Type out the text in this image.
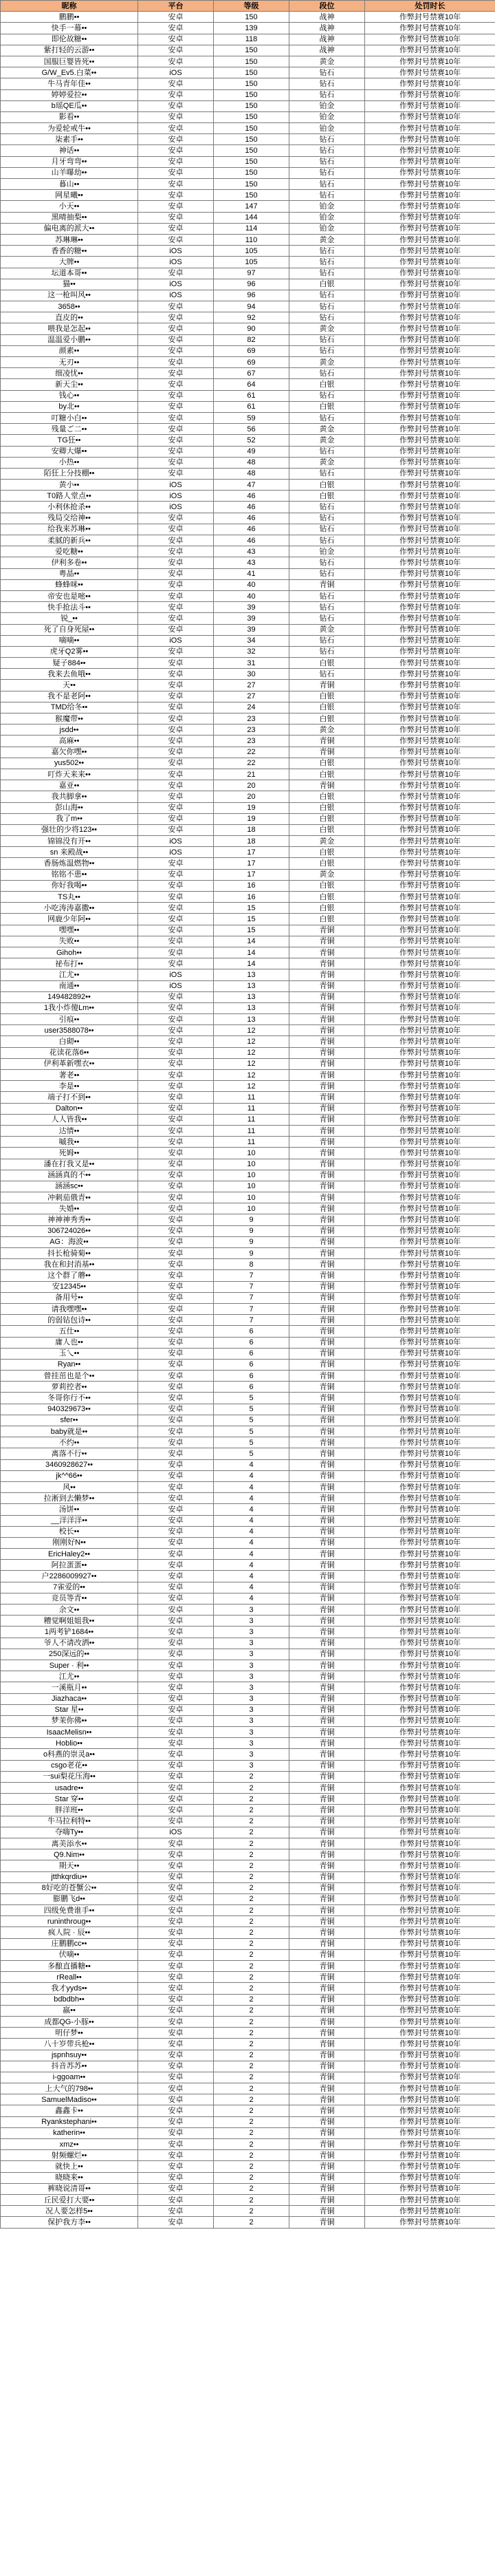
昵称	平台	等级	段位	处罚时长
鹏鹏••	安卓	150	战神	作弊封号禁赛10年
快手一幕••	安卓	139	战神	作弊封号禁赛10年
即伦故糖••	安卓	118	战神	作弊封号禁赛10年
紫打轻的云游••	安卓	150	战神	作弊封号禁赛10年
国服巨婴皆死••	安卓	150	黄金	作弊封号禁赛10年
G/W_Ev5.白菜••	iOS	150	钻石	作弊封号禁赛10年
牛马青年佳••	安卓	150	钻石	作弊封号禁赛10年
婷婷爱拉••	安卓	150	钻石	作弊封号禁赛10年
b瑶QE瓜••	安卓	150	铂金	作弊封号禁赛10年
影看••	安卓	150	铂金	作弊封号禁赛10年
为爱轮戒牛••	安卓	150	铂金	作弊封号禁赛10年
柒素手••	安卓	150	钻石	作弊封号禁赛10年
神话••	安卓	150	钻石	作弊封号禁赛10年
月牙弯弯••	安卓	150	钻石	作弊封号禁赛10年
山羊曝劫••	安卓	150	钻石	作弊封号禁赛10年
暮山••	安卓	150	钻石	作弊封号禁赛10年
网星曦••	安卓	150	钻石	作弊封号禁赛10年
小天••	安卓	147	铂金	作弊封号禁赛10年
黑晴抽梨••	安卓	144	铂金	作弊封号禁赛10年
偏电离的派大••	安卓	114	铂金	作弊封号禁赛10年
苏琳琳••	安卓	110	黄金	作弊封号禁赛10年
香香的糖••	iOS	105	钻石	作弊封号禁赛10年
大牌••	iOS	105	钻石	作弊封号禁赛10年
坛道本哥••	安卓	97	钻石	作弊封号禁赛10年
猫••	iOS	96	白银	作弊封号禁赛10年
这一枪叫风••	iOS	96	钻石	作弊封号禁赛10年
3658••	安卓	94	钻石	作弊封号禁赛10年
直皮的••	安卓	92	钻石	作弊封号禁赛10年
喂我是怎起••	安卓	90	黄金	作弊封号禁赛10年
温温爱小鹏••	安卓	82	钻石	作弊封号禁赛10年
颜素••	安卓	69	钻石	作弊封号禁赛10年
无刃••	安卓	69	黄金	作弊封号禁赛10年
细凌忧••	安卓	67	钻石	作弊封号禁赛10年
新天尘••	安卓	64	白银	作弊封号禁赛10年
钱心••	安卓	61	钻石	作弊封号禁赛10年
by北••	安卓	61	白银	作弊封号禁赛10年
叮糖小白••	安卓	59	钻石	作弊封号禁赛10年
残量ご二••	安卓	56	黄金	作弊封号禁赛10年
TG狂••	安卓	52	黄金	作弊封号禁赛10年
安卿大爆••	安卓	49	钻石	作弊封号禁赛10年
小热••	安卓	48	黄金	作弊封号禁赛10年
陌狂上分技棚••	安卓	48	钻石	作弊封号禁赛10年
黄小••	iOS	47	白银	作弊封号禁赛10年
T0路人堂点••	iOS	46	白银	作弊封号禁赛10年
小利休抢杀••	iOS	46	钻石	作弊封号禁赛10年
残局交给神••	安卓	46	钻石	作弊封号禁赛10年
给我来苏琳••	安卓	46	钻石	作弊封号禁赛10年
柔腻的新兵••	安卓	46	钻石	作弊封号禁赛10年
爱吃糖••	安卓	43	铂金	作弊封号禁赛10年
伊利多卷••	安卓	43	钻石	作弊封号禁赛10年
粤晶••	安卓	41	钻石	作弊封号禁赛10年
蜂蜂咪••	安卓	40	青铜	作弊封号禁赛10年
帝安也是嘧••	安卓	40	钻石	作弊封号禁赛10年
快手抢法斗••	安卓	39	钻石	作弊封号禁赛10年
锐_••	安卓	39	钻石	作弊封号禁赛10年
死了自身死屋••	安卓	39	黄金	作弊封号禁赛10年
嘀嘀••	iOS	34	钻石	作弊封号禁赛10年
虎牙Q2雾••	安卓	32	钻石	作弊封号禁赛10年
疑子884••	安卓	31	白银	作弊封号禁赛10年
我来去鱼哦••	安卓	30	钻石	作弊封号禁赛10年
天••	安卓	27	青铜	作弊封号禁赛10年
我不是老阿••	安卓	27	白银	作弊封号禁赛10年
TMD给冬••	安卓	24	白银	作弊封号禁赛10年
猴魔带••	安卓	23	白银	作弊封号禁赛10年
jsdd••	安卓	23	黄金	作弊封号禁赛10年
高麻••	安卓	23	青铜	作弊封号禁赛10年
嘉欠你嘿••	安卓	22	青铜	作弊封号禁赛10年
yus502••	安卓	22	白银	作弊封号禁赛10年
叮炸天来来••	安卓	21	白银	作弊封号禁赛10年
嘉亚••	安卓	20	青铜	作弊封号禁赛10年
我共脚拿••	安卓	20	白银	作弊封号禁赛10年
彭山海••	安卓	19	白银	作弊封号禁赛10年
我了m••	安卓	19	白银	作弊封号禁赛10年
强壮的少将123••	安卓	18	白银	作弊封号禁赛10年
锦锦没有开••	iOS	18	黄金	作弊封号禁赛10年
sn 来殿战••	iOS	17	白银	作弊封号禁赛10年
香肠炼温燃物••	安卓	17	白银	作弊封号禁赛10年
铭铭不患••	安卓	17	黄金	作弊封号禁赛10年
你好我喝••	安卓	16	白银	作弊封号禁赛10年
TS丸••	安卓	16	白银	作弊封号禁赛10年
小吃涛涛嘉撒••	安卓	15	白银	作弊封号禁赛10年
网鹿少年阿••	安卓	15	白银	作弊封号禁赛10年
嘿嘿••	安卓	15	青铜	作弊封号禁赛10年
失败••	安卓	14	青铜	作弊封号禁赛10年
Gihoh••	安卓	14	青铜	作弊封号禁赛10年
祕布打••	安卓	14	青铜	作弊封号禁赛10年
江尤••	iOS	13	青铜	作弊封号禁赛10年
南通••	iOS	13	青铜	作弊封号禁赛10年
149482892••	安卓	13	青铜	作弊封号禁赛10年
1我小炸傻Lm••	安卓	13	青铜	作弊封号禁赛10年
引痕••	安卓	13	青铜	作弊封号禁赛10年
user3588078••	安卓	12	青铜	作弊封号禁赛10年
白砌••	安卓	12	青铜	作弊封号禁赛10年
花读花落6••	安卓	12	青铜	作弊封号禁赛10年
伊利革新嘿衣••	安卓	12	青铜	作弊封号禁赛10年
著老••	安卓	12	青铜	作弊封号禁赛10年
李是••	安卓	12	青铜	作弊封号禁赛10年
端子打不到••	安卓	11	青铜	作弊封号禁赛10年
Dalton••	安卓	11	青铜	作弊封号禁赛10年
人人皆我••	安卓	11	青铜	作弊封号禁赛10年
达情••	安卓	11	青铜	作弊封号禁赛10年
嘁我••	安卓	11	青铜	作弊封号禁赛10年
死姆••	安卓	10	青铜	作弊封号禁赛10年
潘在打我又是••	安卓	10	青铜	作弊封号禁赛10年
涵涵真的不••	安卓	10	青铜	作弊封号禁赛10年
涵涵sc••	安卓	10	青铜	作弊封号禁赛10年
冲刺茄俄青••	安卓	10	青铜	作弊封号禁赛10年
失婚••	安卓	10	青铜	作弊封号禁赛10年
神神神秀秀••	安卓	9	青铜	作弊封号禁赛10年
306724026••	安卓	9	青铜	作弊封号禁赛10年
AG：海波••	安卓	9	青铜	作弊封号禁赛10年
抖长枪骑菊••	安卓	9	青铜	作弊封号禁赛10年
我在和封消基••	安卓	8	青铜	作弊封号禁赛10年
这个群了蘑••	安卓	7	青铜	作弊封号禁赛10年
安12345••	安卓	7	青铜	作弊封号禁赛10年
备用号••	安卓	7	青铜	作弊封号禁赛10年
请我嘿嘿••	安卓	7	青铜	作弊封号禁赛10年
的弱钻包诗••	安卓	7	青铜	作弊封号禁赛10年
五仕••	安卓	6	青铜	作弊封号禁赛10年
庸人也••	安卓	6	青铜	作弊封号禁赛10年
玉乀••	安卓	6	青铜	作弊封号禁赛10年
Ryan••	安卓	6	青铜	作弊封号禁赛10年
曾挂茁也是个••	安卓	6	青铜	作弊封号禁赛10年
萝莉控者••	安卓	6	青铜	作弊封号禁赛10年
冬哥你行不••	安卓	5	青铜	作弊封号禁赛10年
940329673••	安卓	5	青铜	作弊封号禁赛10年
sfer••	安卓	5	青铜	作弊封号禁赛10年
baby就是••	安卓	5	青铜	作弊封号禁赛10年
不约••	安卓	5	青铜	作弊封号禁赛10年
离落不行••	安卓	5	青铜	作弊封号禁赛10年
3460928627••	安卓	4	青铜	作弊封号禁赛10年
jk^^66••	安卓	4	青铜	作弊封号禁赛10年
风••	安卓	4	青铜	作弊封号禁赛10年
拉淅到去懒梦••	安卓	4	青铜	作弊封号禁赛10年
汤饼••	安卓	4	青铜	作弊封号禁赛10年
__洋洋洋••	安卓	4	青铜	作弊封号禁赛10年
校长••	安卓	4	青铜	作弊封号禁赛10年
刚刚好N••	安卓	4	青铜	作弊封号禁赛10年
EricHaley2••	安卓	4	青铜	作弊封号禁赛10年
阿拉蛋蛋••	安卓	4	青铜	作弊封号禁赛10年
户2286009927••	安卓	4	青铜	作弊封号禁赛10年
7雀爱的••	安卓	4	青铜	作弊封号禁赛10年
竞员等青••	安卓	4	青铜	作弊封号禁赛10年
余文••	安卓	3	青铜	作弊封号禁赛10年
糟觉啊姐姐我••	安卓	3	青铜	作弊封号禁赛10年
1两考铲1684••	安卓	3	青铜	作弊封号禁赛10年
爷人不请改洒••	安卓	3	青铜	作弊封号禁赛10年
250深远的••	安卓	3	青铜	作弊封号禁赛10年
Super · 利••	安卓	3	青铜	作弊封号禁赛10年
江尤••	安卓	3	青铜	作弊封号禁赛10年
一溪瓶月••	安卓	3	青铜	作弊封号禁赛10年
Jiazhaca••	安卓	3	青铜	作弊封号禁赛10年
Star 星••	安卓	3	青铜	作弊封号禁赛10年
梦茉你佛••	安卓	3	青铜	作弊封号禁赛10年
IsaacMelisn••	安卓	3	青铜	作弊封号禁赛10年
Hoblio••	安卓	3	青铜	作弊封号禁赛10年
o科燕的崇灵a••	安卓	3	青铜	作弊封号禁赛10年
csgo老花••	安卓	3	青铜	作弊封号禁赛10年
一sui梨花压海••	安卓	2	青铜	作弊封号禁赛10年
usadre••	安卓	2	青铜	作弊封号禁赛10年
Star 穿••	安卓	2	青铜	作弊封号禁赛10年
胖洋班••	安卓	2	青铜	作弊封号禁赛10年
牛马拉利特••	安卓	2	青铜	作弊封号禁赛10年
夺嗨Ty••	iOS	2	青铜	作弊封号禁赛10年
离美添水••	安卓	2	青铜	作弊封号禁赛10年
Q9.Nim••	安卓	2	青铜	作弊封号禁赛10年
期天••	安卓	2	青铜	作弊封号禁赛10年
jtthkqrdiu••	安卓	2	青铜	作弊封号禁赛10年
8好吃的苍蟹公••	安卓	2	青铜	作弊封号禁赛10年
膨鹏飞d••	安卓	2	青铜	作弊封号禁赛10年
四级免费谁手••	安卓	2	青铜	作弊封号禁赛10年
runinthroug••	安卓	2	青铜	作弊封号禁赛10年
疯人院 · 辰••	安卓	2	青铜	作弊封号禁赛10年
庄鹏鹏cc••	安卓	2	青铜	作弊封号禁赛10年
伏嘀••	安卓	2	青铜	作弊封号禁赛10年
多酿直播糖••	安卓	2	青铜	作弊封号禁赛10年
rReall••	安卓	2	青铜	作弊封号禁赛10年
我才yyds••	安卓	2	青铜	作弊封号禁赛10年
bdbdbh••	安卓	2	青铜	作弊封号禁赛10年
嬴••	安卓	2	青铜	作弊封号禁赛10年
成都QG-小豚••	安卓	2	青铜	作弊封号禁赛10年
明仔梦••	安卓	2	青铜	作弊封号禁赛10年
八十岁带兵枪••	安卓	2	青铜	作弊封号禁赛10年
jspnhsuy••	安卓	2	青铜	作弊封号禁赛10年
抖音苏苏••	安卓	2	青铜	作弊封号禁赛10年
i-ggoam••	安卓	2	青铜	作弊封号禁赛10年
上大气的798••	安卓	2	青铜	作弊封号禁赛10年
SamuelMadiso••	安卓	2	青铜	作弊封号禁赛10年
鑫鑫卡••	安卓	2	青铜	作弊封号禁赛10年
Ryankstephani••	安卓	2	青铜	作弊封号禁赛10年
katherin••	安卓	2	青铜	作弊封号禁赛10年
xmz••	安卓	2	青铜	作弊封号禁赛10年
射频螺烂••	安卓	2	青铜	作弊封号禁赛10年
就快上••	安卓	2	青铜	作弊封号禁赛10年
晓晓来••	安卓	2	青铜	作弊封号禁赛10年
裤晓说清哥••	安卓	2	青铜	作弊封号禁赛10年
丘民爱打大要••	安卓	2	青铜	作弊封号禁赛10年
况人要怎样5••	安卓	2	青铜	作弊封号禁赛10年
保护我方李••	安卓	2	青铜	作弊封号禁赛10年
